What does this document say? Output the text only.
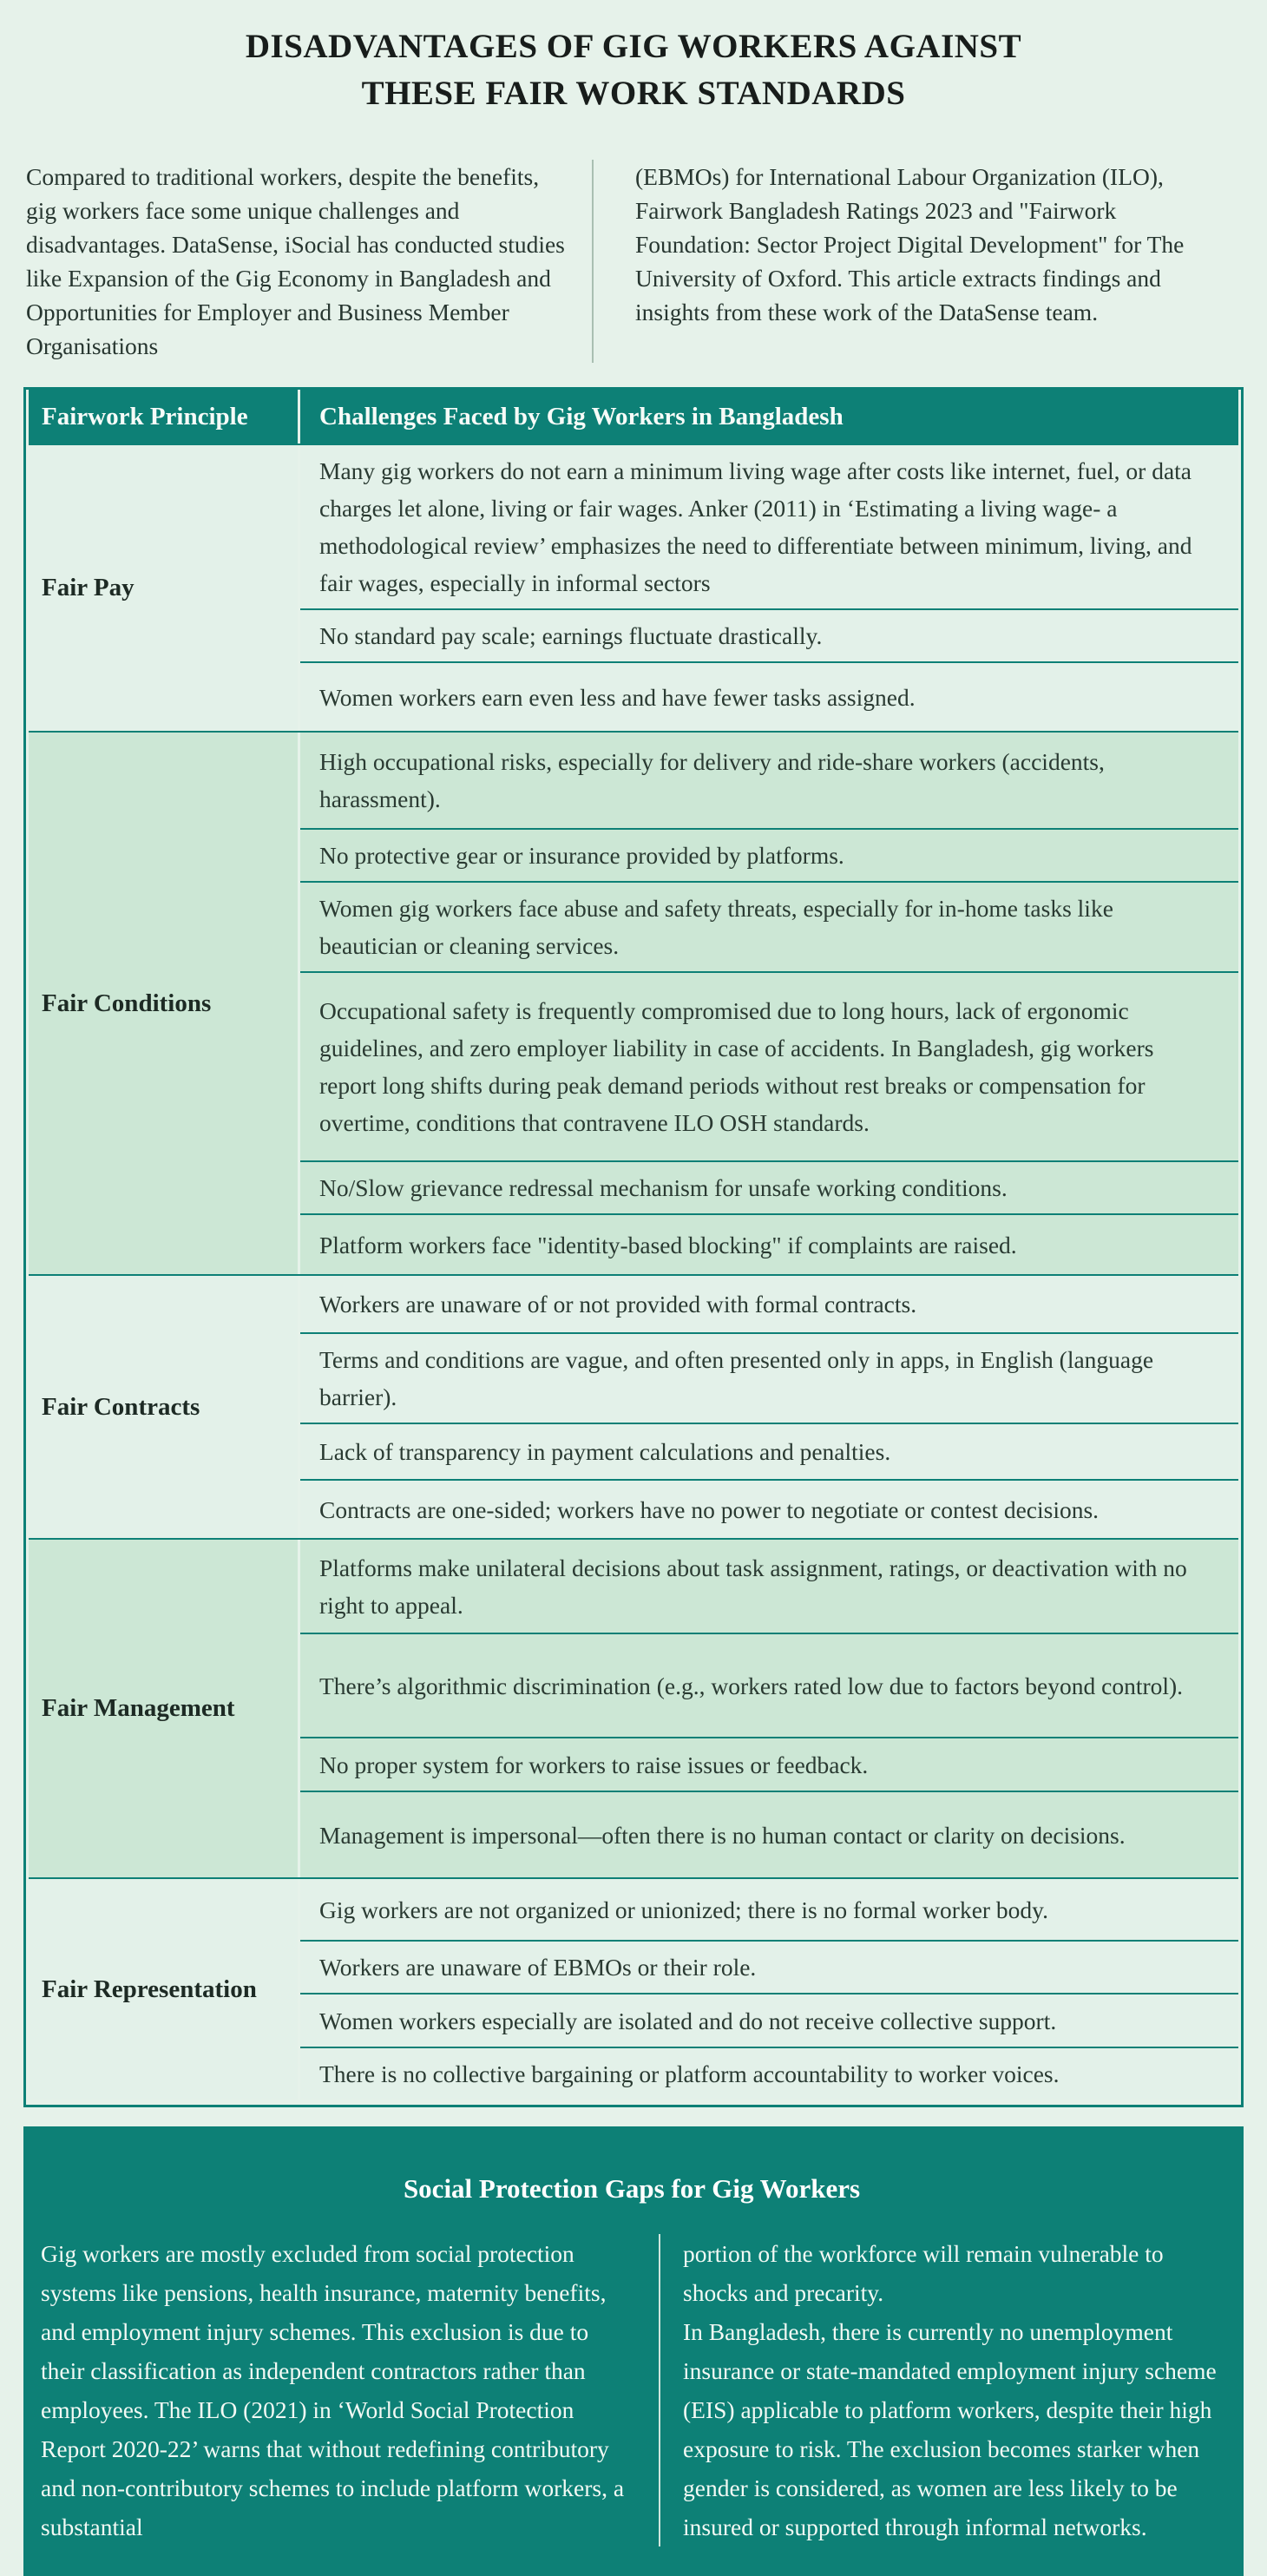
DISADVANTAGES OF GIG WORKERS AGAINST
THESE FAIR WORK STANDARDS
Compared to traditional workers, despite the benefits, gig workers face some unique challenges and disadvantages. DataSense, iSocial has conducted studies like Expansion of the Gig Economy in Bangladesh and Opportunities for Employer and Business Member Organisations
(EBMOs) for International Labour Organization (ILO), Fairwork Bangladesh Ratings 2023 and "Fairwork Foundation: Sector Project Digital Development" for The University of Oxford. This article extracts findings and insights from these work of the DataSense team.
Fairwork Principle	Challenges Faced by Gig Workers in Bangladesh
Fair Pay
Many gig workers do not earn a minimum living wage after costs like internet, fuel, or data charges let alone, living or fair wages. Anker (2011) in ‘Estimating a living wage- a methodological review’ emphasizes the need to differentiate between minimum, living, and fair wages, especially in informal sectors
No standard pay scale; earnings fluctuate drastically.
Women workers earn even less and have fewer tasks assigned.
Fair Conditions
High occupational risks, especially for delivery and ride-share workers (accidents, harassment).
No protective gear or insurance provided by platforms.
Women gig workers face abuse and safety threats, especially for in-home tasks like beautician or cleaning services.
Occupational safety is frequently compromised due to long hours, lack of ergonomic guidelines, and zero employer liability in case of accidents. In Bangladesh, gig workers report long shifts during peak demand periods without rest breaks or compensation for overtime, conditions that contravene ILO OSH standards.
No/Slow grievance redressal mechanism for unsafe working conditions.
Platform workers face "identity-based blocking" if complaints are raised.
Fair Contracts
Workers are unaware of or not provided with formal contracts.
Terms and conditions are vague, and often presented only in apps, in English (language barrier).
Lack of transparency in payment calculations and penalties.
Contracts are one-sided; workers have no power to negotiate or contest decisions.
Fair Management
Platforms make unilateral decisions about task assignment, ratings, or deactivation with no right to appeal.
There’s algorithmic discrimination (e.g., workers rated low due to factors beyond control).
No proper system for workers to raise issues or feedback.
Management is impersonal—often there is no human contact or clarity on decisions.
Fair Representation
Gig workers are not organized or unionized; there is no formal worker body.
Workers are unaware of EBMOs or their role.
Women workers especially are isolated and do not receive collective support.
There is no collective bargaining or platform accountability to worker voices.
Social Protection Gaps for Gig Workers
Gig workers are mostly excluded from social protection systems like pensions, health insurance, maternity benefits, and employment injury schemes. This exclusion is due to their classification as independent contractors rather than employees. The ILO (2021) in ‘World Social Protection Report 2020-22’ warns that without redefining contributory and non-contributory schemes to include platform workers, a substantial

portion of the workforce will remain vulnerable to shocks and precarity.

In Bangladesh, there is currently no unemployment insurance or state-mandated employment injury scheme (EIS) applicable to platform workers, despite their high exposure to risk. The exclusion becomes starker when gender is considered, as women are less likely to be insured or supported through informal networks.
